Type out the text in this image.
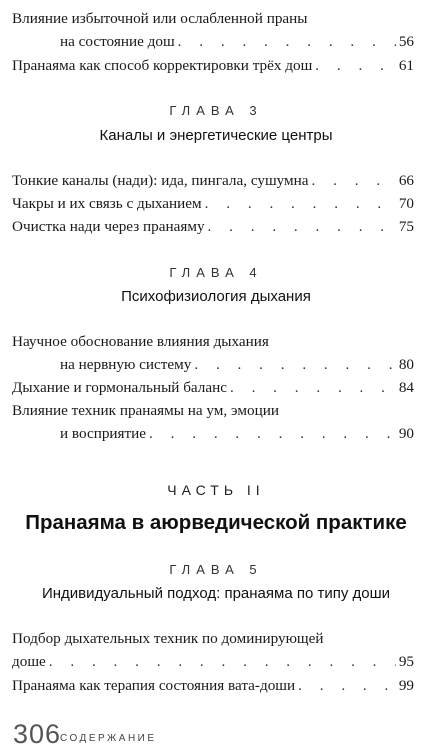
Влияние избыточной или ослабленной праны
на состояние дош . . .	56
Пранаяма как способ корректировки трёх дош . . .	61
ГЛАВА 3
Каналы и энергетические центры
Тонкие каналы (нади): ида, пингала, сушумна . . .	66
Чакры и их связь с дыханием . . .	70
Очистка нади через пранаяму . . .	75
ГЛАВА 4
Психофизиология дыхания
Научное обоснование влияния дыхания
на нервную систему . . .	80
Дыхание и гормональный баланс . . .	84
Влияние техник пранаямы на ум, эмоции
и восприятие . . .	90
ЧАСТЬ II
Пранаяма в аюрведической практике
ГЛАВА 5
Индивидуальный подход: пранаяма по типу доши
Подбор дыхательных техник по доминирующей
доше . . .	95
Пранаяма как терапия состояния вата-доши . . .	99
306
СОДЕРЖАНИЕ
